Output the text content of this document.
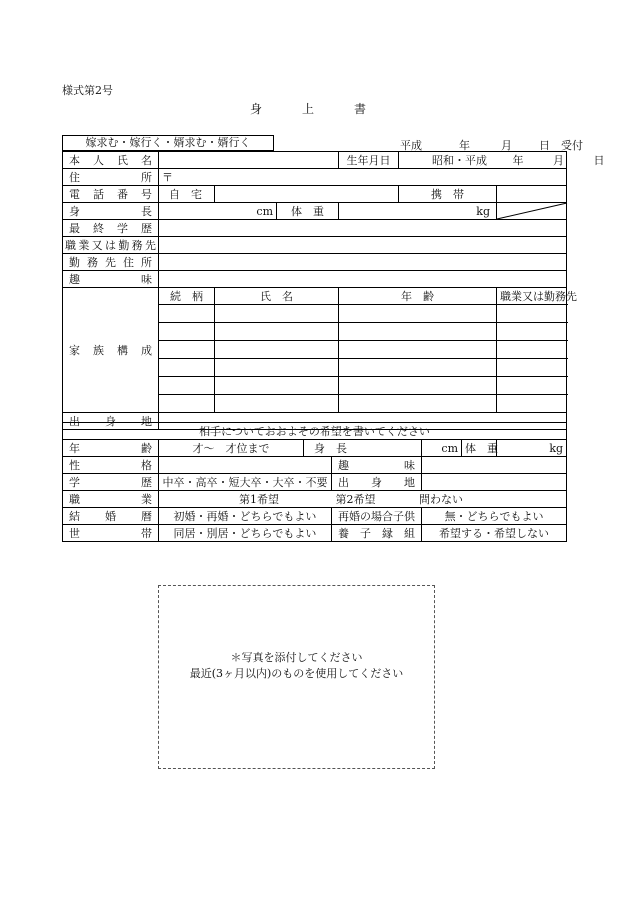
様式第2号
身　上　書
嫁求む・嫁行く・婿求む・婿行く	平成	年	月 日 受付
本人氏名				生年月日	昭和・平成 年 月 日	
住所	〒					
電話番号	自　宅				携　帯	
身長	cm		体　重	kg	

最終学歴						
職業又は勤務先						
勤務先住所						
趣味						
家族構成	続　柄	氏　名		年　齢		職業又は勤務先

出身地						
相手についておおよその希望を書いてください						
年齢	才〜　才位まで	身　長		cm	体　重	kg
性格			趣味			
学歴	中卒・高卒・短大卒・大卒・不要		出身地			
職業	第1希望 第2希望 問わない					
結婚暦	初婚・再婚・どちらでもよい		再婚の場合子供	無・どちらでもよい		
世帯	同居・別居・どちらでもよい		養子縁組	希望する・希望しない		
＊写真を添付してください
最近(3ヶ月以内)のものを使用してください
